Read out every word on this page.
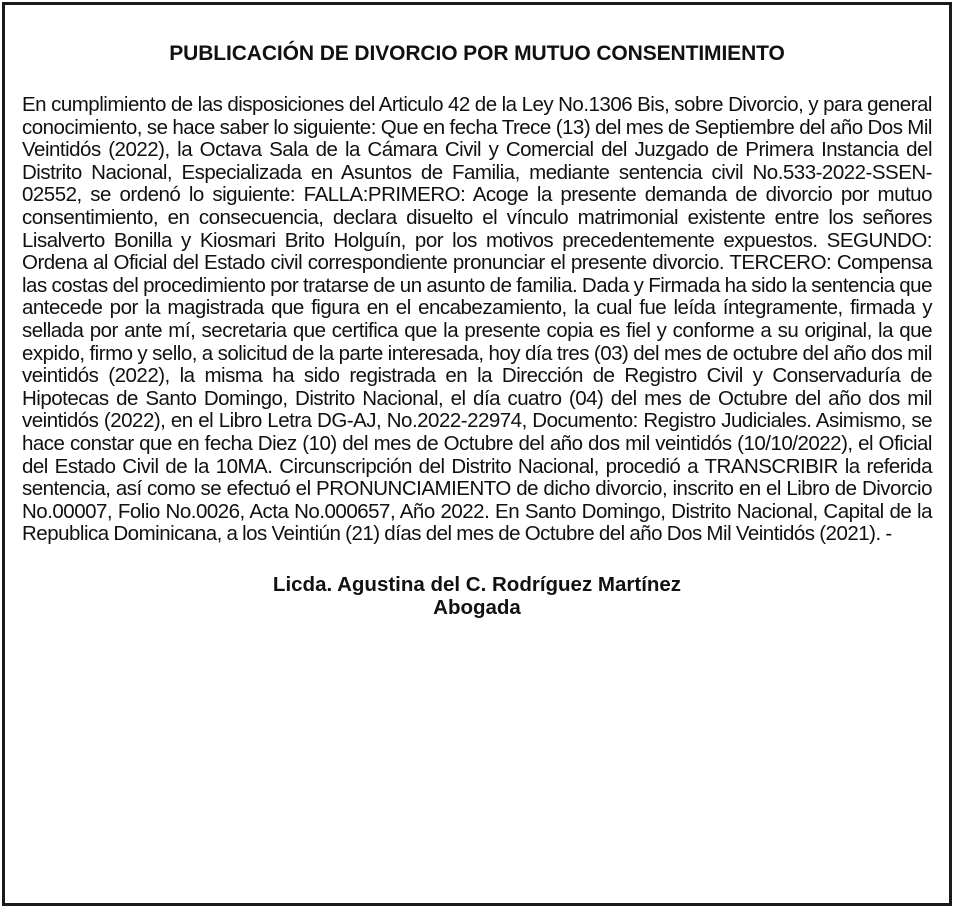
PUBLICACIÓN DE DIVORCIO POR MUTUO CONSENTIMIENTO

En cumplimiento de las disposiciones del Articulo 42 de la Ley No.1306 Bis, sobre Divorcio, y para general conocimiento, se hace saber lo siguiente: Que en fecha Trece (13) del mes de Septiembre del año Dos Mil Veintidós (2022), la Octava Sala de la Cámara Civil y Comercial del Juzgado de Primera Instancia del Distrito Nacional, Especializada en Asuntos de Familia, mediante sentencia civil No.533-2022-SSEN-02552, se ordenó lo siguiente: FALLA:PRIMERO: Acoge la presente demanda de divorcio por mutuo consentimiento, en consecuencia, declara disuelto el vínculo matrimonial existente entre los señores Lisalverto Bonilla y Kiosmari Brito Holguín, por los motivos precedentemente expuestos. SEGUNDO: Ordena al Oficial del Estado civil correspondiente pronunciar el presente divorcio. TERCERO: Compensa las costas del procedimiento por tratarse de un asunto de familia. Dada y Firmada ha sido la sentencia que antecede por la magistrada que figura en el encabezamiento, la cual fue leída íntegramente, firmada y sellada por ante mí, secretaria que certifica que la presente copia es fiel y conforme a su original, la que expido, firmo y sello, a solicitud de la parte interesada, hoy día tres (03) del mes de octubre del año dos mil veintidós (2022), la misma ha sido registrada en la Dirección de Registro Civil y Conservaduría de Hipotecas de Santo Domingo, Distrito Nacional, el día cuatro (04) del mes de Octubre del año dos mil veintidós (2022), en el Libro Letra DG-AJ, No.2022-22974, Documento: Registro Judiciales. Asimismo, se hace constar que en fecha Diez (10) del mes de Octubre del año dos mil veintidós (10/10/2022), el Oficial del Estado Civil de la 10MA. Circunscripción del Distrito Nacional, procedió a TRANSCRIBIR la referida sentencia, así como se efectuó el PRONUNCIAMIENTO de dicho divorcio, inscrito en el Libro de Divorcio No.00007, Folio No.0026, Acta No.000657, Año 2022. En Santo Domingo, Distrito Nacional, Capital de la Republica Dominicana, a los Veintiún (21) días del mes de Octubre del año Dos Mil Veintidós (2021). -

Licda. Agustina del C. Rodríguez Martínez
Abogada
